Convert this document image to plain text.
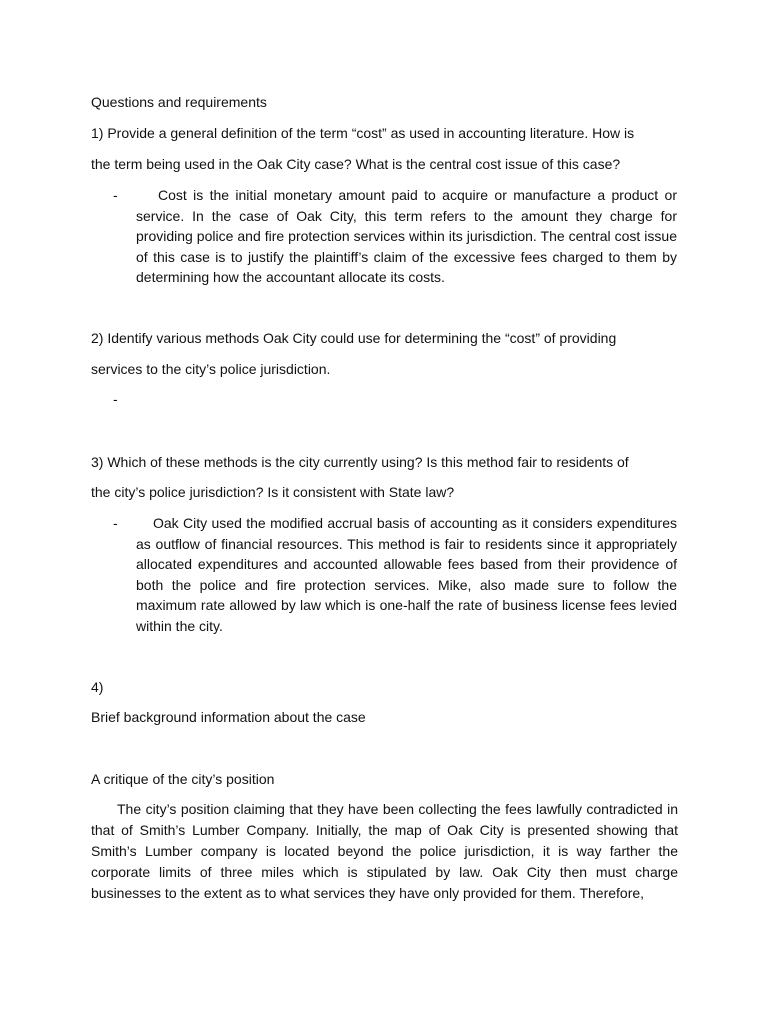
Questions and requirements

1) Provide a general definition of the term “cost” as used in accounting literature. How is

the term being used in the Oak City case? What is the central cost issue of this case?

-	Cost is the initial monetary amount paid to acquire or manufacture a product or service. In the case of Oak City, this term refers to the amount they charge for providing police and fire protection services within its jurisdiction. The central cost issue of this case is to justify the plaintiff’s claim of the excessive fees charged to them by determining how the accountant allocate its costs.

2) Identify various methods Oak City could use for determining the “cost” of providing

services to the city’s police jurisdiction.

-

3) Which of these methods is the city currently using? Is this method fair to residents of

the city’s police jurisdiction? Is it consistent with State law?

-	Oak City used the modified accrual basis of accounting as it considers expenditures as outflow of financial resources. This method is fair to residents since it appropriately allocated expenditures and accounted allowable fees based from their providence of both the police and fire protection services. Mike, also made sure to follow the maximum rate allowed by law which is one-half the rate of business license fees levied within the city.

4)

Brief background information about the case

A critique of the city’s position

The city’s position claiming that they have been collecting the fees lawfully contradicted in that of Smith’s Lumber Company. Initially, the map of Oak City is presented showing that Smith’s Lumber company is located beyond the police jurisdiction, it is way farther the corporate limits of three miles which is stipulated by law. Oak City then must charge businesses to the extent as to what services they have only provided for them. Therefore,
